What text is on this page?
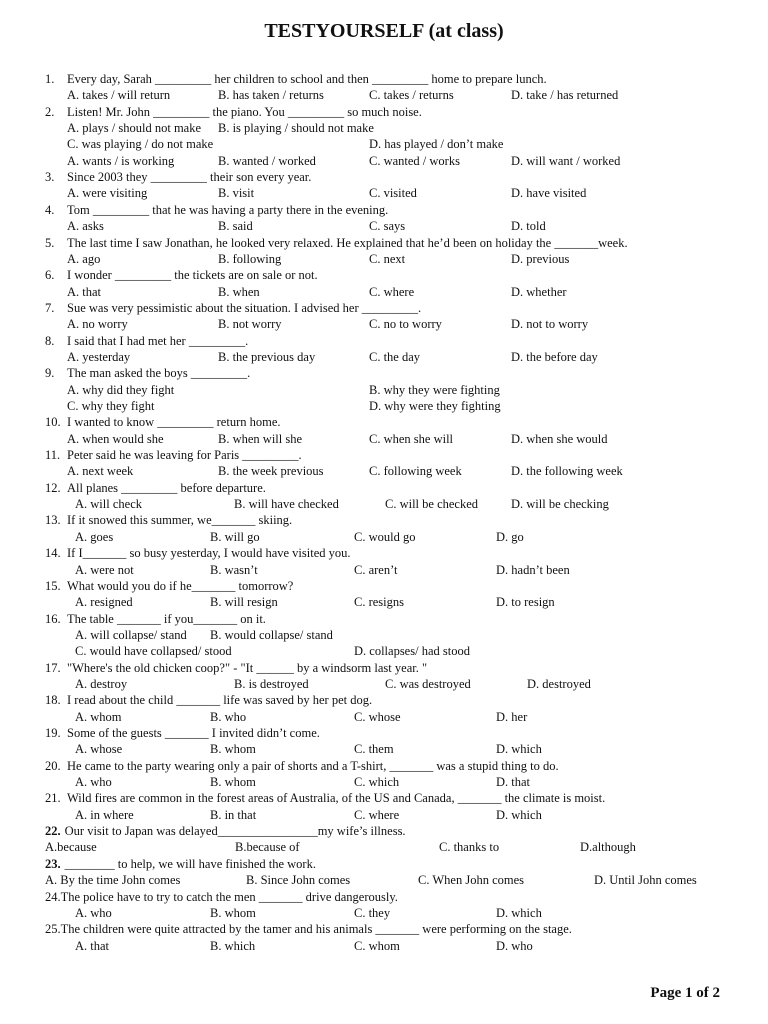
TESTYOURSELF (at class)
1. Every day, Sarah _________ her children to school and then _________ home to prepare lunch.
A. takes / will return	B. has taken / returns	C. takes / returns	D. take / has returned
2. Listen! Mr. John _________ the piano. You _________ so much noise.
A. plays / should not make B. is playing / should not make
C. was playing / do not make	D. has played / don’t make
A. wants / is working	B. wanted / worked	C. wanted / works	D. will want / worked
3. Since 2003 they _________ their son every year.
A. were visiting	B. visit	C. visited	D. have visited
4. Tom _________ that he was having a party there in the evening.
A. asks	B. said	C. says	D. told
5. The last time I saw Jonathan, he looked very relaxed. He explained that he’d been on holiday the _______week.
A. ago	B. following	C. next	D. previous
6. I wonder _________ the tickets are on sale or not.
A. that	B. when	C. where	D. whether
7. Sue was very pessimistic about the situation. I advised her _________.
A. no worry	B. not worry	C. no to worry	D. not to worry
8. I said that I had met her _________.
A. yesterday	B. the previous day	C. the day	D. the before day
9. The man asked the boys _________.
A. why did they fight	B. why they were fighting
C. why they fight	D. why were they fighting
10. I wanted to know _________ return home.
A. when would she	B. when will she	C. when she will	D. when she would
11. Peter said he was leaving for Paris _________.
A. next week	B. the week previous	C. following week	D. the following week
12. All planes _________ before departure.
A. will check	B. will have checked	C. will be checked	D. will be checking
13. If it snowed this summer, we_______ skiing.
A. goes	B. will go	C. would go	D. go
14. If I_______ so busy yesterday, I would have visited you.
A. were not	B. wasn’t	C. aren’t	D. hadn’t been
15. What would you do if he_______ tomorrow?
A. resigned	B. will resign	C. resigns	D. to resign
16. The table _______ if you_______ on it.
A. will collapse/ stand B. would collapse/ stand
C. would have collapsed/ stood	D. collapses/ had stood
17. "Where's the old chicken coop?" - "It ______ by a windsorm last year. "
A. destroy	B. is destroyed	C. was destroyed	D. destroyed
18. I read about the child _______ life was saved by her pet dog.
A. whom	B. who	C. whose	D. her
19. Some of the guests _______ I invited didn’t come.
A. whose	B. whom	C. them	D. which
20. He came to the party wearing only a pair of shorts and a T-shirt, _______ was a stupid thing to do.
A. who	B. whom	C. which	D. that
21. Wild fires are common in the forest areas of Australia, of the US and Canada, _______ the climate is moist.
A. in where	B. in that	C. where	D. which
22. Our visit to Japan was delayed________________my wife’s illness.
A.because	B.because of	C. thanks to	D.although
23. ________ to help, we will have finished the work.
A. By the time John comes	B. Since John comes	C. When John comes	D. Until John comes
24.The police have to try to catch the men _______ drive dangerously.
A. who	B. whom	C. they	D. which
25.The children were quite attracted by the tamer and his animals _______ were performing on the stage.
A. that	B. which	C. whom	D. who
Page 1 of 2
